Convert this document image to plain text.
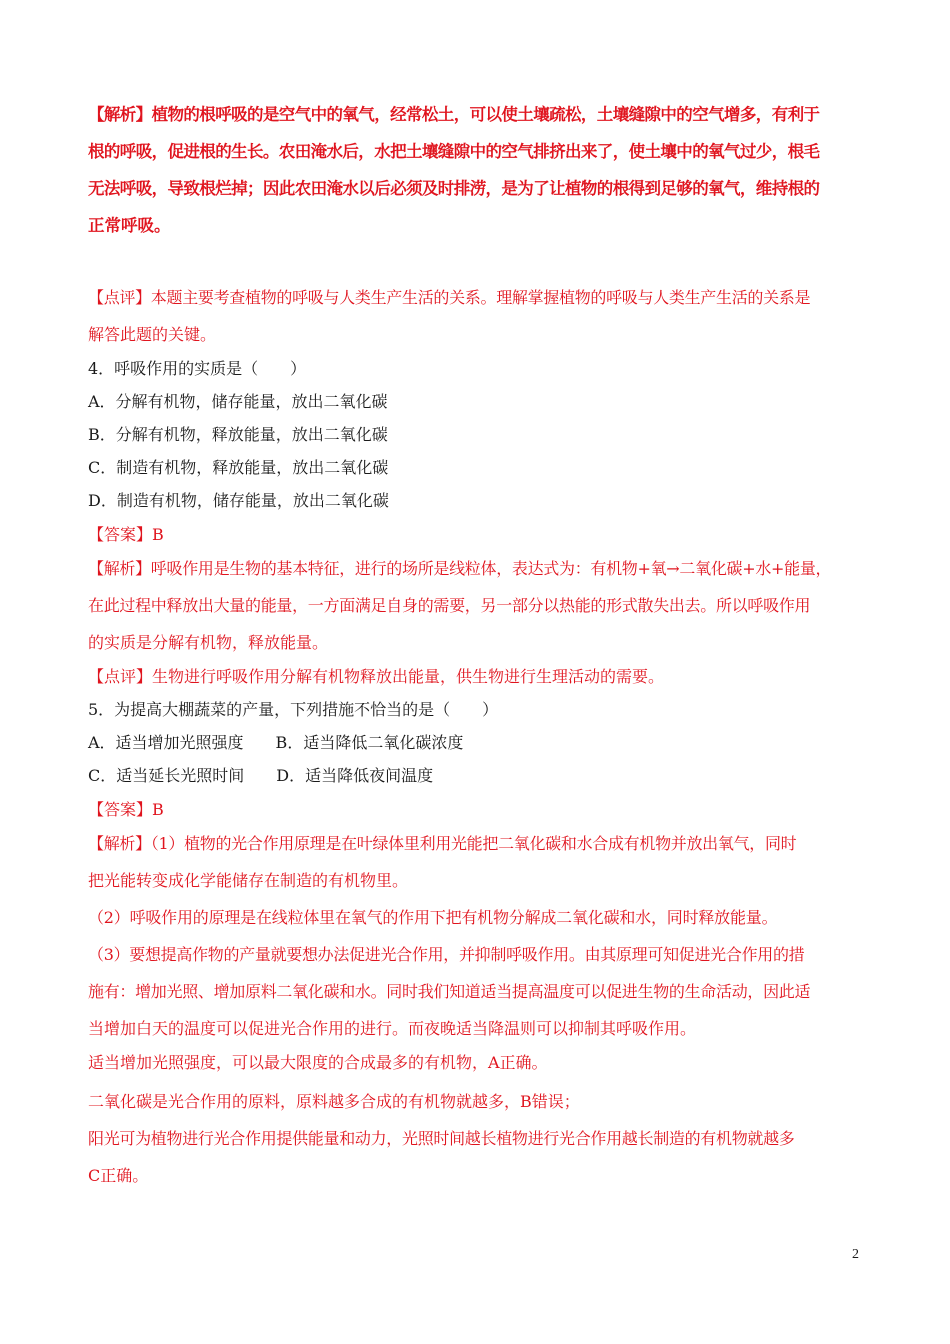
【解析】植物的根呼吸的是空气中的氧气，经常松土，可以使土壤疏松，土壤缝隙中的空气增多，有利于
根的呼吸，促进根的生长。农田淹水后，水把土壤缝隙中的空气排挤出来了，使土壤中的氧气过少，根毛
无法呼吸，导致根烂掉；因此农田淹水以后必须及时排涝，是为了让植物的根得到足够的氧气，维持根的
正常呼吸。
【点评】本题主要考查植物的呼吸与人类生产生活的关系。理解掌握植物的呼吸与人类生产生活的关系是
解答此题的关键。
4．呼吸作用的实质是（　　）
A．分解有机物，储存能量，放出二氧化碳
B．分解有机物，释放能量，放出二氧化碳
C．制造有机物，释放能量，放出二氧化碳
D．制造有机物，储存能量，放出二氧化碳
【答案】B
【解析】呼吸作用是生物的基本特征，进行的场所是线粒体，表达式为：有机物+氧→二氧化碳+水+能量，
在此过程中释放出大量的能量，一方面满足自身的需要，另一部分以热能的形式散失出去。所以呼吸作用
的实质是分解有机物，释放能量。
【点评】生物进行呼吸作用分解有机物释放出能量，供生物进行生理活动的需要。
5．为提高大棚蔬菜的产量，下列措施不恰当的是（　　）
A．适当增加光照强度　　B．适当降低二氧化碳浓度
C．适当延长光照时间　　D．适当降低夜间温度
【答案】B
【解析】（1）植物的光合作用原理是在叶绿体里利用光能把二氧化碳和水合成有机物并放出氧气，同时
把光能转变成化学能储存在制造的有机物里。
（2）呼吸作用的原理是在线粒体里在氧气的作用下把有机物分解成二氧化碳和水，同时释放能量。
（3）要想提高作物的产量就要想办法促进光合作用，并抑制呼吸作用。由其原理可知促进光合作用的措
施有：增加光照、增加原料二氧化碳和水。同时我们知道适当提高温度可以促进生物的生命活动，因此适
当增加白天的温度可以促进光合作用的进行。而夜晚适当降温则可以抑制其呼吸作用。
适当增加光照强度，可以最大限度的合成最多的有机物，A正确。
二氧化碳是光合作用的原料，原料越多合成的有机物就越多，B错误；
阳光可为植物进行光合作用提供能量和动力，光照时间越长植物进行光合作用越长制造的有机物就越多
C正确。
2
